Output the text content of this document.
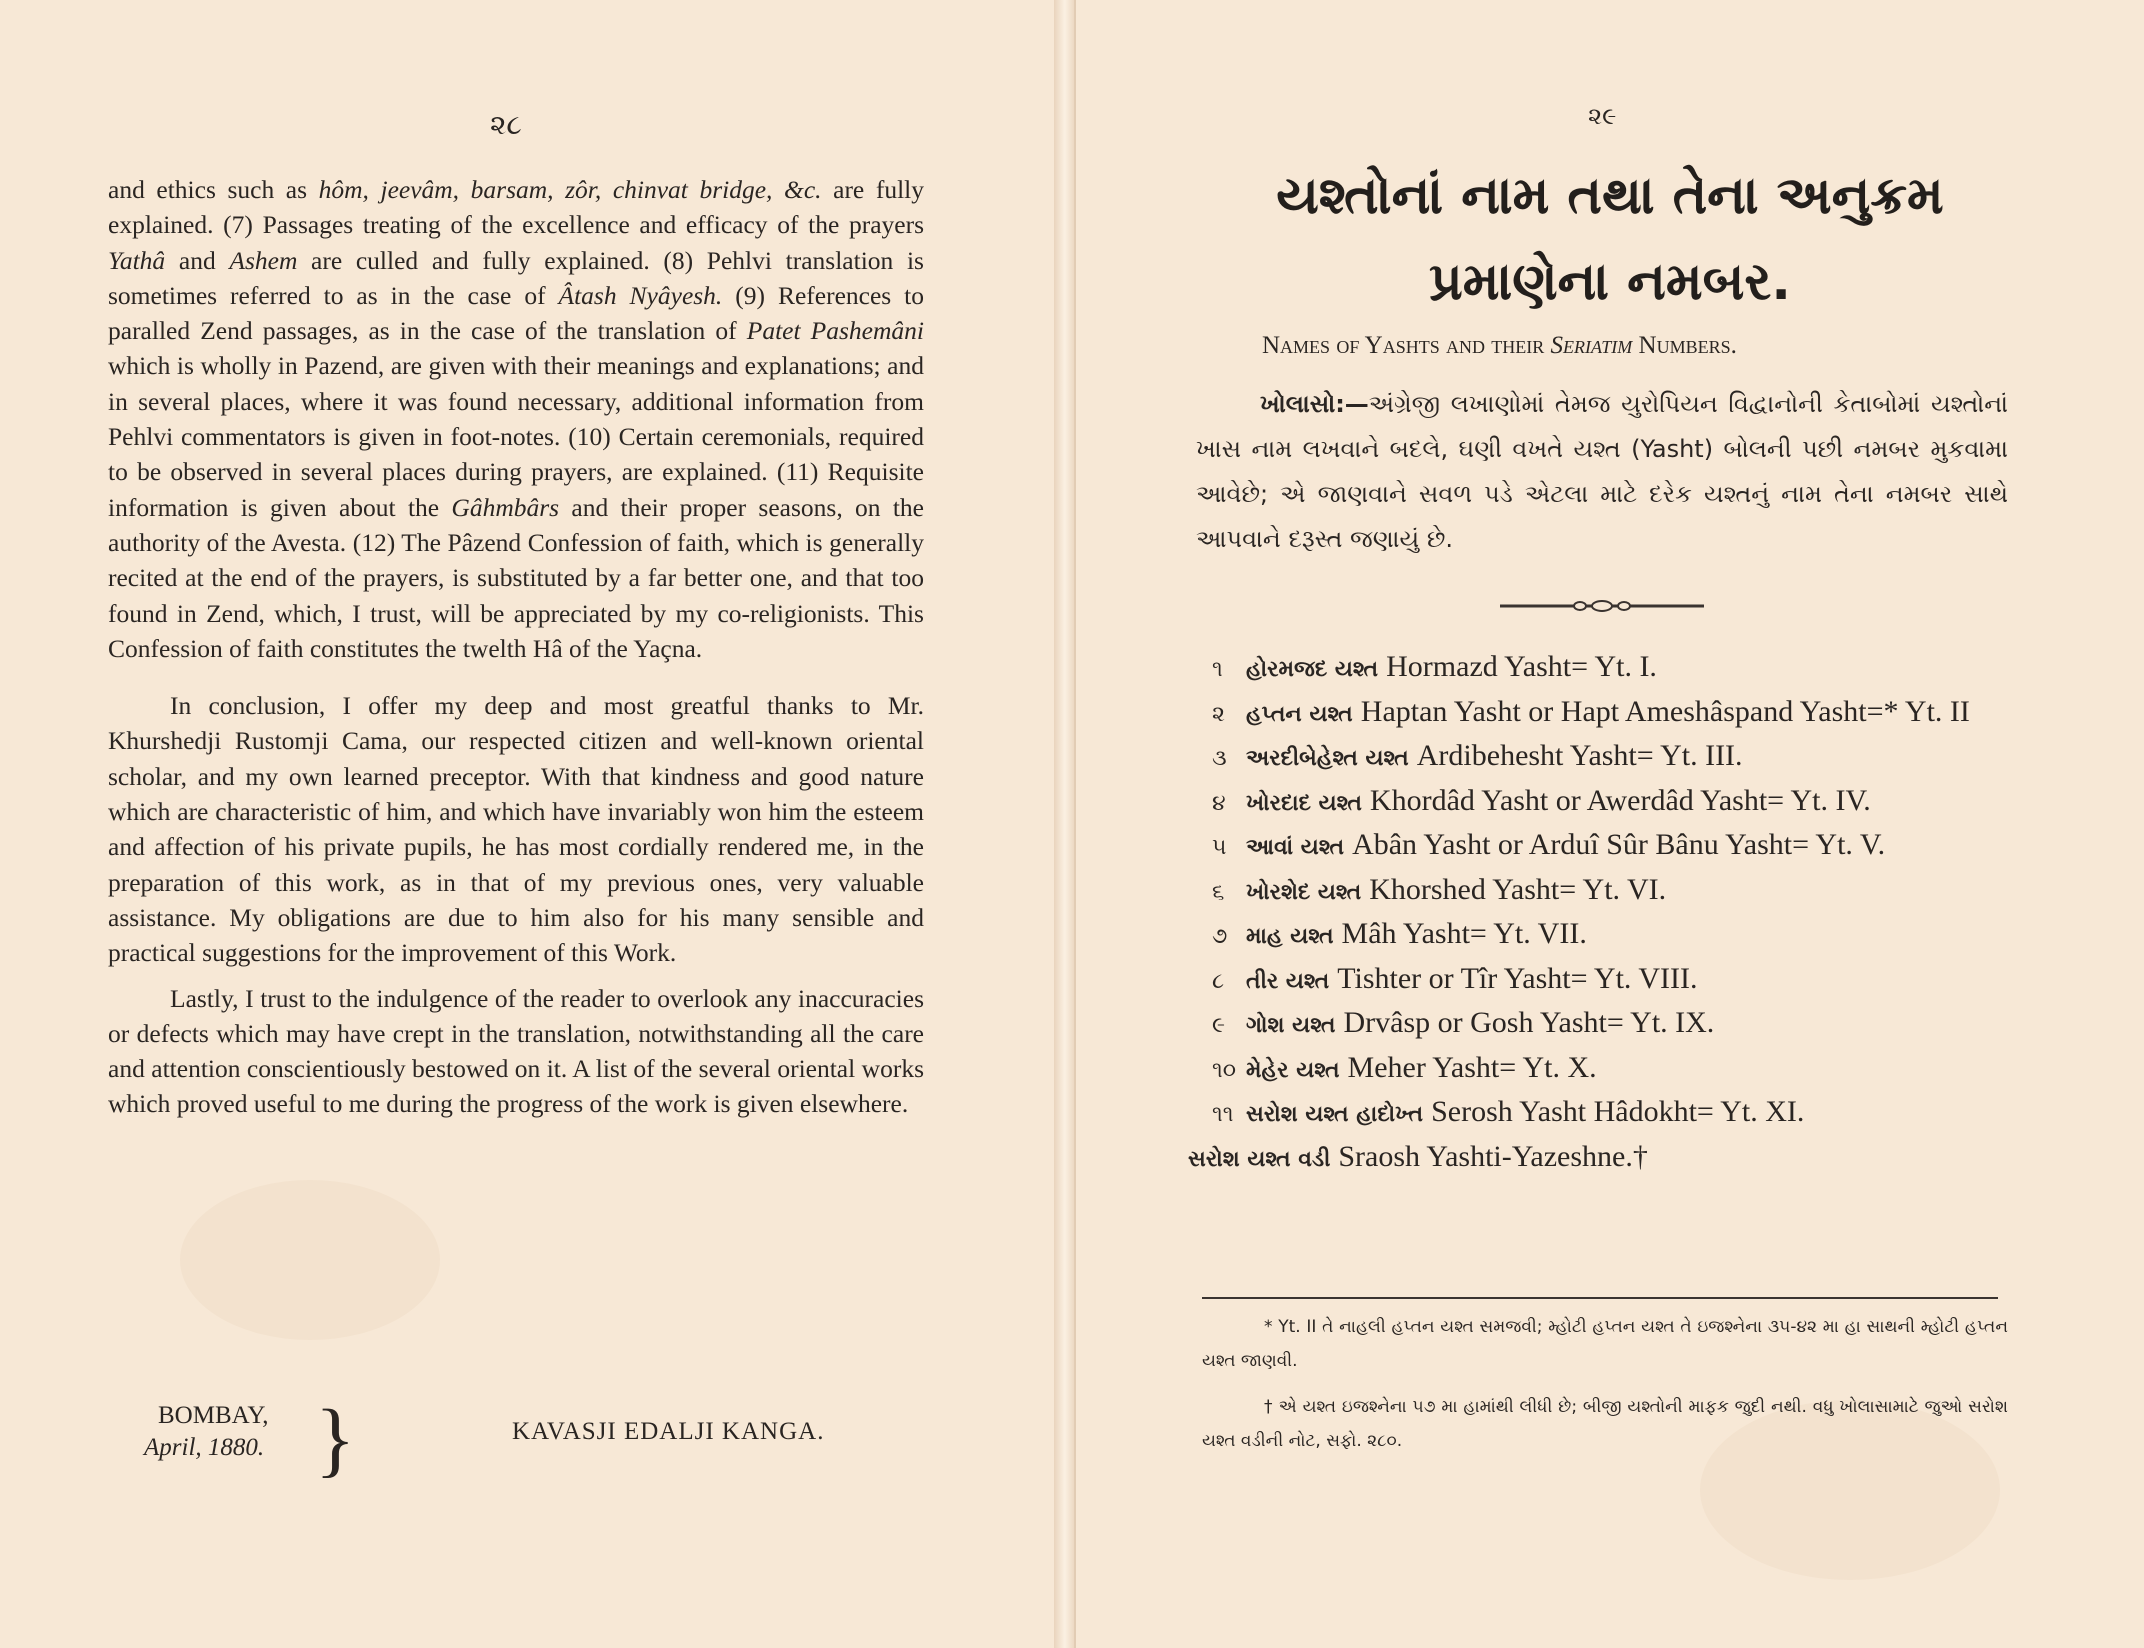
૨૮

and ethics such as hôm, jeevâm, barsam, zôr, chinvat bridge, &c. are fully explained. (7) Passages treating of the excellence and efficacy of the prayers Yathâ and Ashem are culled and fully explained. (8) Pehlvi translation is sometimes referred to as in the case of Âtash Nyâyesh. (9) References to paralled Zend passages, as in the case of the translation of Patet Pashemâni which is wholly in Pazend, are given with their meanings and explanations; and in several places, where it was found necessary, additional information from Pehlvi commentators is given in foot-notes. (10) Certain ceremonials, required to be observed in several places during prayers, are explained. (11) Requisite information is given about the Gâhmbârs and their proper seasons, on the authority of the Avesta. (12) The Pâzend Confession of faith, which is generally recited at the end of the prayers, is substituted by a far better one, and that too found in Zend, which, I trust, will be appreciated by my co-religionists. This Confession of faith constitutes the twelth Hâ of the Yaçna.

In conclusion, I offer my deep and most greatful thanks to Mr. Khurshedji Rustomji Cama, our respected citizen and well-known oriental scholar, and my own learned preceptor. With that kindness and good nature which are characteristic of him, and which have invariably won him the esteem and affection of his private pupils, he has most cordially rendered me, in the preparation of this work, as in that of my previous ones, very valuable assistance. My obligations are due to him also for his many sensible and practical suggestions for the improvement of this Work.

Lastly, I trust to the indulgence of the reader to overlook any inaccuracies or defects which may have crept in the translation, notwithstanding all the care and attention conscientiously bestowed on it. A list of the several oriental works which proved useful to me during the progress of the work is given elsewhere.

BOMBAY,
April, 1880. }	KAVASJI EDALJI KANGA.
૨૯
યશ્તોનાં નામ તથા તેના અનુક્રમ
પ્રમાણેના નમબર.
Names of Yashts and their Seriatim Numbers.
ખોલાસો:—અંગ્રેજી લખાણોમાં તેમજ યુરોપિયન વિદ્વાનોની કેતાબોમાં યશ્તોનાં ખાસ નામ લખવાને બદલે, ઘણી વખતે યશ્ત (Yasht) બોલની પછી નમબર મુકવામા આવેછે; એ જાણવાને સવળ પડે એટલા માટે દરેક યશ્તનું નામ તેના નમબર સાથે આપવાને દરૂસ્ત જણાયું છે.
૧ હોરમજદ યશ્ત Hormazd Yasht= Yt. I.
૨ હપ્તન યશ્ત Haptan Yasht or Hapt Ameshâspand Yasht=* Yt. II
૩ અરદીબેહેશ્ત યશ્ત Ardibehesht Yasht= Yt. III.
૪ ખોરદાદ યશ્ત Khordâd Yasht or Awerdâd Yasht= Yt. IV.
૫ આવાં યશ્ત Abân Yasht or Arduî Sûr Bânu Yasht= Yt. V.
૬ ખોરશેદ યશ્ત Khorshed Yasht= Yt. VI.
૭ માહ યશ્ત Mâh Yasht= Yt. VII.
૮ તીર યશ્ત Tishter or Tîr Yasht= Yt. VIII.
૯ ગોશ યશ્ત Drvâsp or Gosh Yasht= Yt. IX.
૧૦ મેહેર યશ્ત Meher Yasht= Yt. X.
૧૧ સરોશ યશ્ત હાદોખ્ત Serosh Yasht Hâdokht= Yt. XI.
સરોશ યશ્ત વડી Sraosh Yashti-Yazeshne.†
* Yt. II તે નાહલી હપ્તન યશ્ત સમજવી; મ્હોટી હપ્તન યશ્ત તે ઇજશ્નેના ૩૫-૪૨ મા હા સાથની મ્હોટી હપ્તન યશ્ત જાણવી.
† એ યશ્ત ઇજશ્નેના ૫૭ મા હામાંથી લીધી છે; બીજી યશ્તોની માફક જુદી નથી. વધુ ખોલાસામાટે જુઓ સરોશ યશ્ત વડીની નોટ, સફો. ૨૮૦.
